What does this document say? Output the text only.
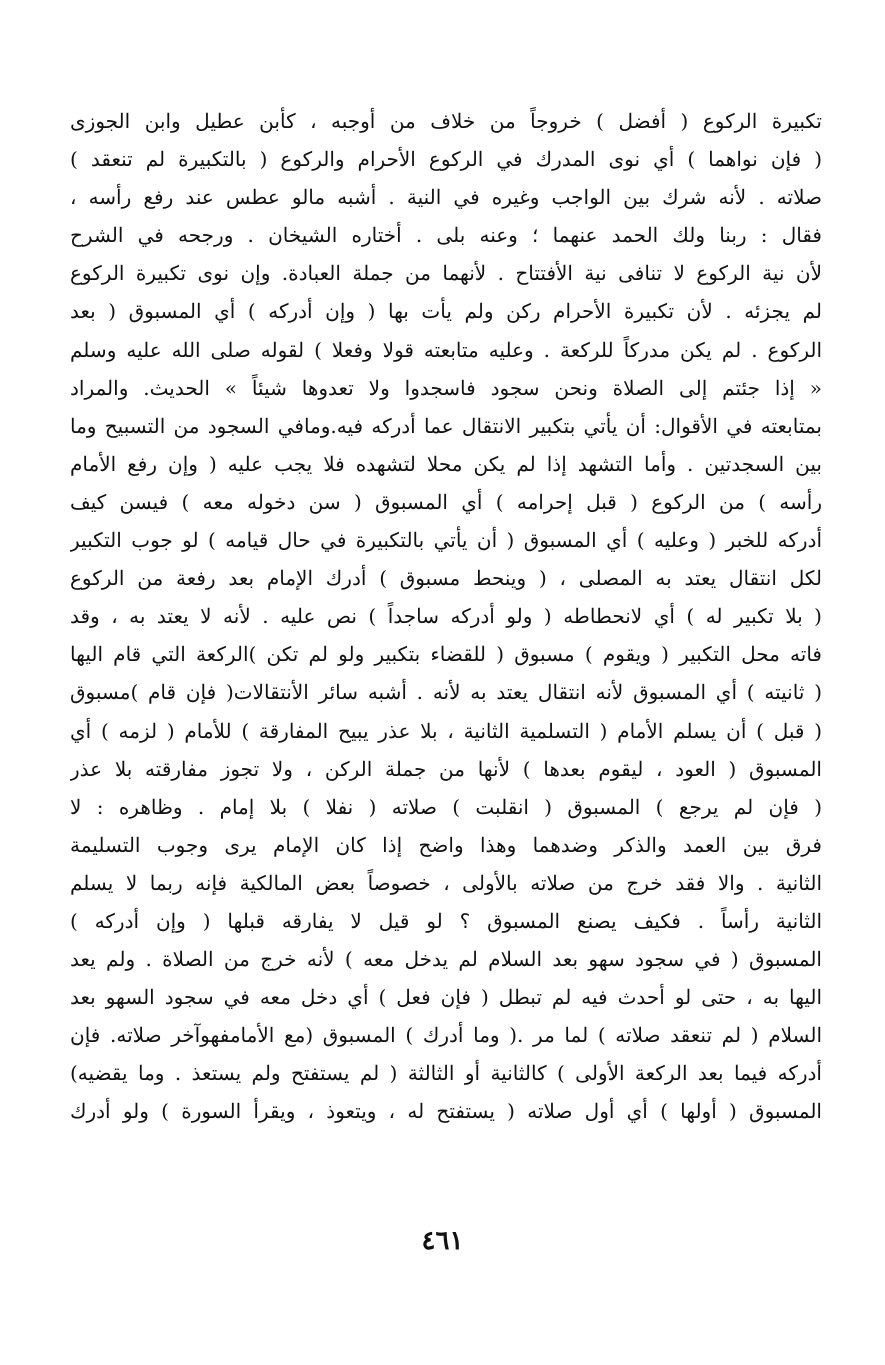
تكبيرة الركوع ( أفضل ) خروجاً من خلاف من أوجبه ، كأبن عطيل وابن الجوزى
( فإن نواهما ) أي نوى المدرك في الركوع الأحرام والركوع ( بالتكبيرة لم تنعقد )
صلاته . لأنه شرك بين الواجب وغيره في النية . أشبه مالو عطس عند رفع رأسه ،
فقال : ربنا ولك الحمد عنهما ؛ وعنه بلى . أختاره الشيخان . ورجحه في الشرح
لأن نية الركوع لا تنافى نية الأفتتاح . لأنهما من جملة العبادة. وإن نوى تكبيرة الركوع
لم يجزئه . لأن تكبيرة الأحرام ركن ولم يأت بها ( وإن أدركه ) أي المسبوق ( بعد
الركوع . لم يكن مدركاً للركعة . وعليه متابعته قولا وفعلا ) لقوله صلى الله عليه وسلم
« إذا جئتم إلى الصلاة ونحن سجود فاسجدوا ولا تعدوها شيئاً » الحديث. والمراد
بمتابعته في الأقوال: أن يأتي بتكبير الانتقال عما أدركه فيه.ومافي السجود من التسبيح وما
بين السجدتين . وأما التشهد إذا لم يكن محلا لتشهده فلا يجب عليه ( وإن رفع الأمام
رأسه ) من الركوع ( قبل إحرامه ) أي المسبوق ( سن دخوله معه ) فيسن كيف
أدركه للخبر ( وعليه ) أي المسبوق ( أن يأتي بالتكبيرة في حال قيامه ) لو جوب التكبير
لكل انتقال يعتد به المصلى ، ( وينحط مسبوق ) أدرك الإمام بعد رفعة من الركوع
( بلا تكبير له ) أي لانحطاطه ( ولو أدركه ساجداً ) نص عليه . لأنه لا يعتد به ، وقد
فاته محل التكبير ( ويقوم ) مسبوق ( للقضاء بتكبير ولو لم تكن )الركعة التي قام اليها
( ثانيته ) أي المسبوق لأنه انتقال يعتد به لأنه . أشبه سائر الأنتقالات( فإن قام )مسبوق
( قبل ) أن يسلم الأمام ( التسلمية الثانية ، بلا عذر يبيح المفارقة ) للأمام ( لزمه ) أي
المسبوق ( العود ، ليقوم بعدها ) لأنها من جملة الركن ، ولا تجوز مفارقته بلا عذر
( فإن لم يرجع ) المسبوق ( انقلبت ) صلاته ( نفلا ) بلا إمام . وظاهره : لا
فرق بين العمد والذكر وضدهما وهذا واضح إذا كان الإمام يرى وجوب التسليمة
الثانية . والا فقد خرج من صلاته بالأولى ، خصوصاً بعض المالكية فإنه ربما لا يسلم
الثانية رأساً . فكيف يصنع المسبوق ؟ لو قيل لا يفارقه قبلها ( وإن أدركه )
المسبوق ( في سجود سهو بعد السلام لم يدخل معه ) لأنه خرج من الصلاة . ولم يعد
اليها به ، حتى لو أحدث فيه لم تبطل ( فإن فعل ) أي دخل معه في سجود السهو بعد
السلام ( لم تنعقد صلاته ) لما مر .( وما أدرك ) المسبوق (مع الأمامفهوآخر صلاته. فإن
أدركه فيما بعد الركعة الأولى ) كالثانية أو الثالثة ( لم يستفتح ولم يستعذ . وما يقضيه)
المسبوق ( أولها ) أي أول صلاته ( يستفتح له ، ويتعوذ ، ويقرأ السورة ) ولو أدرك
٤٦١
